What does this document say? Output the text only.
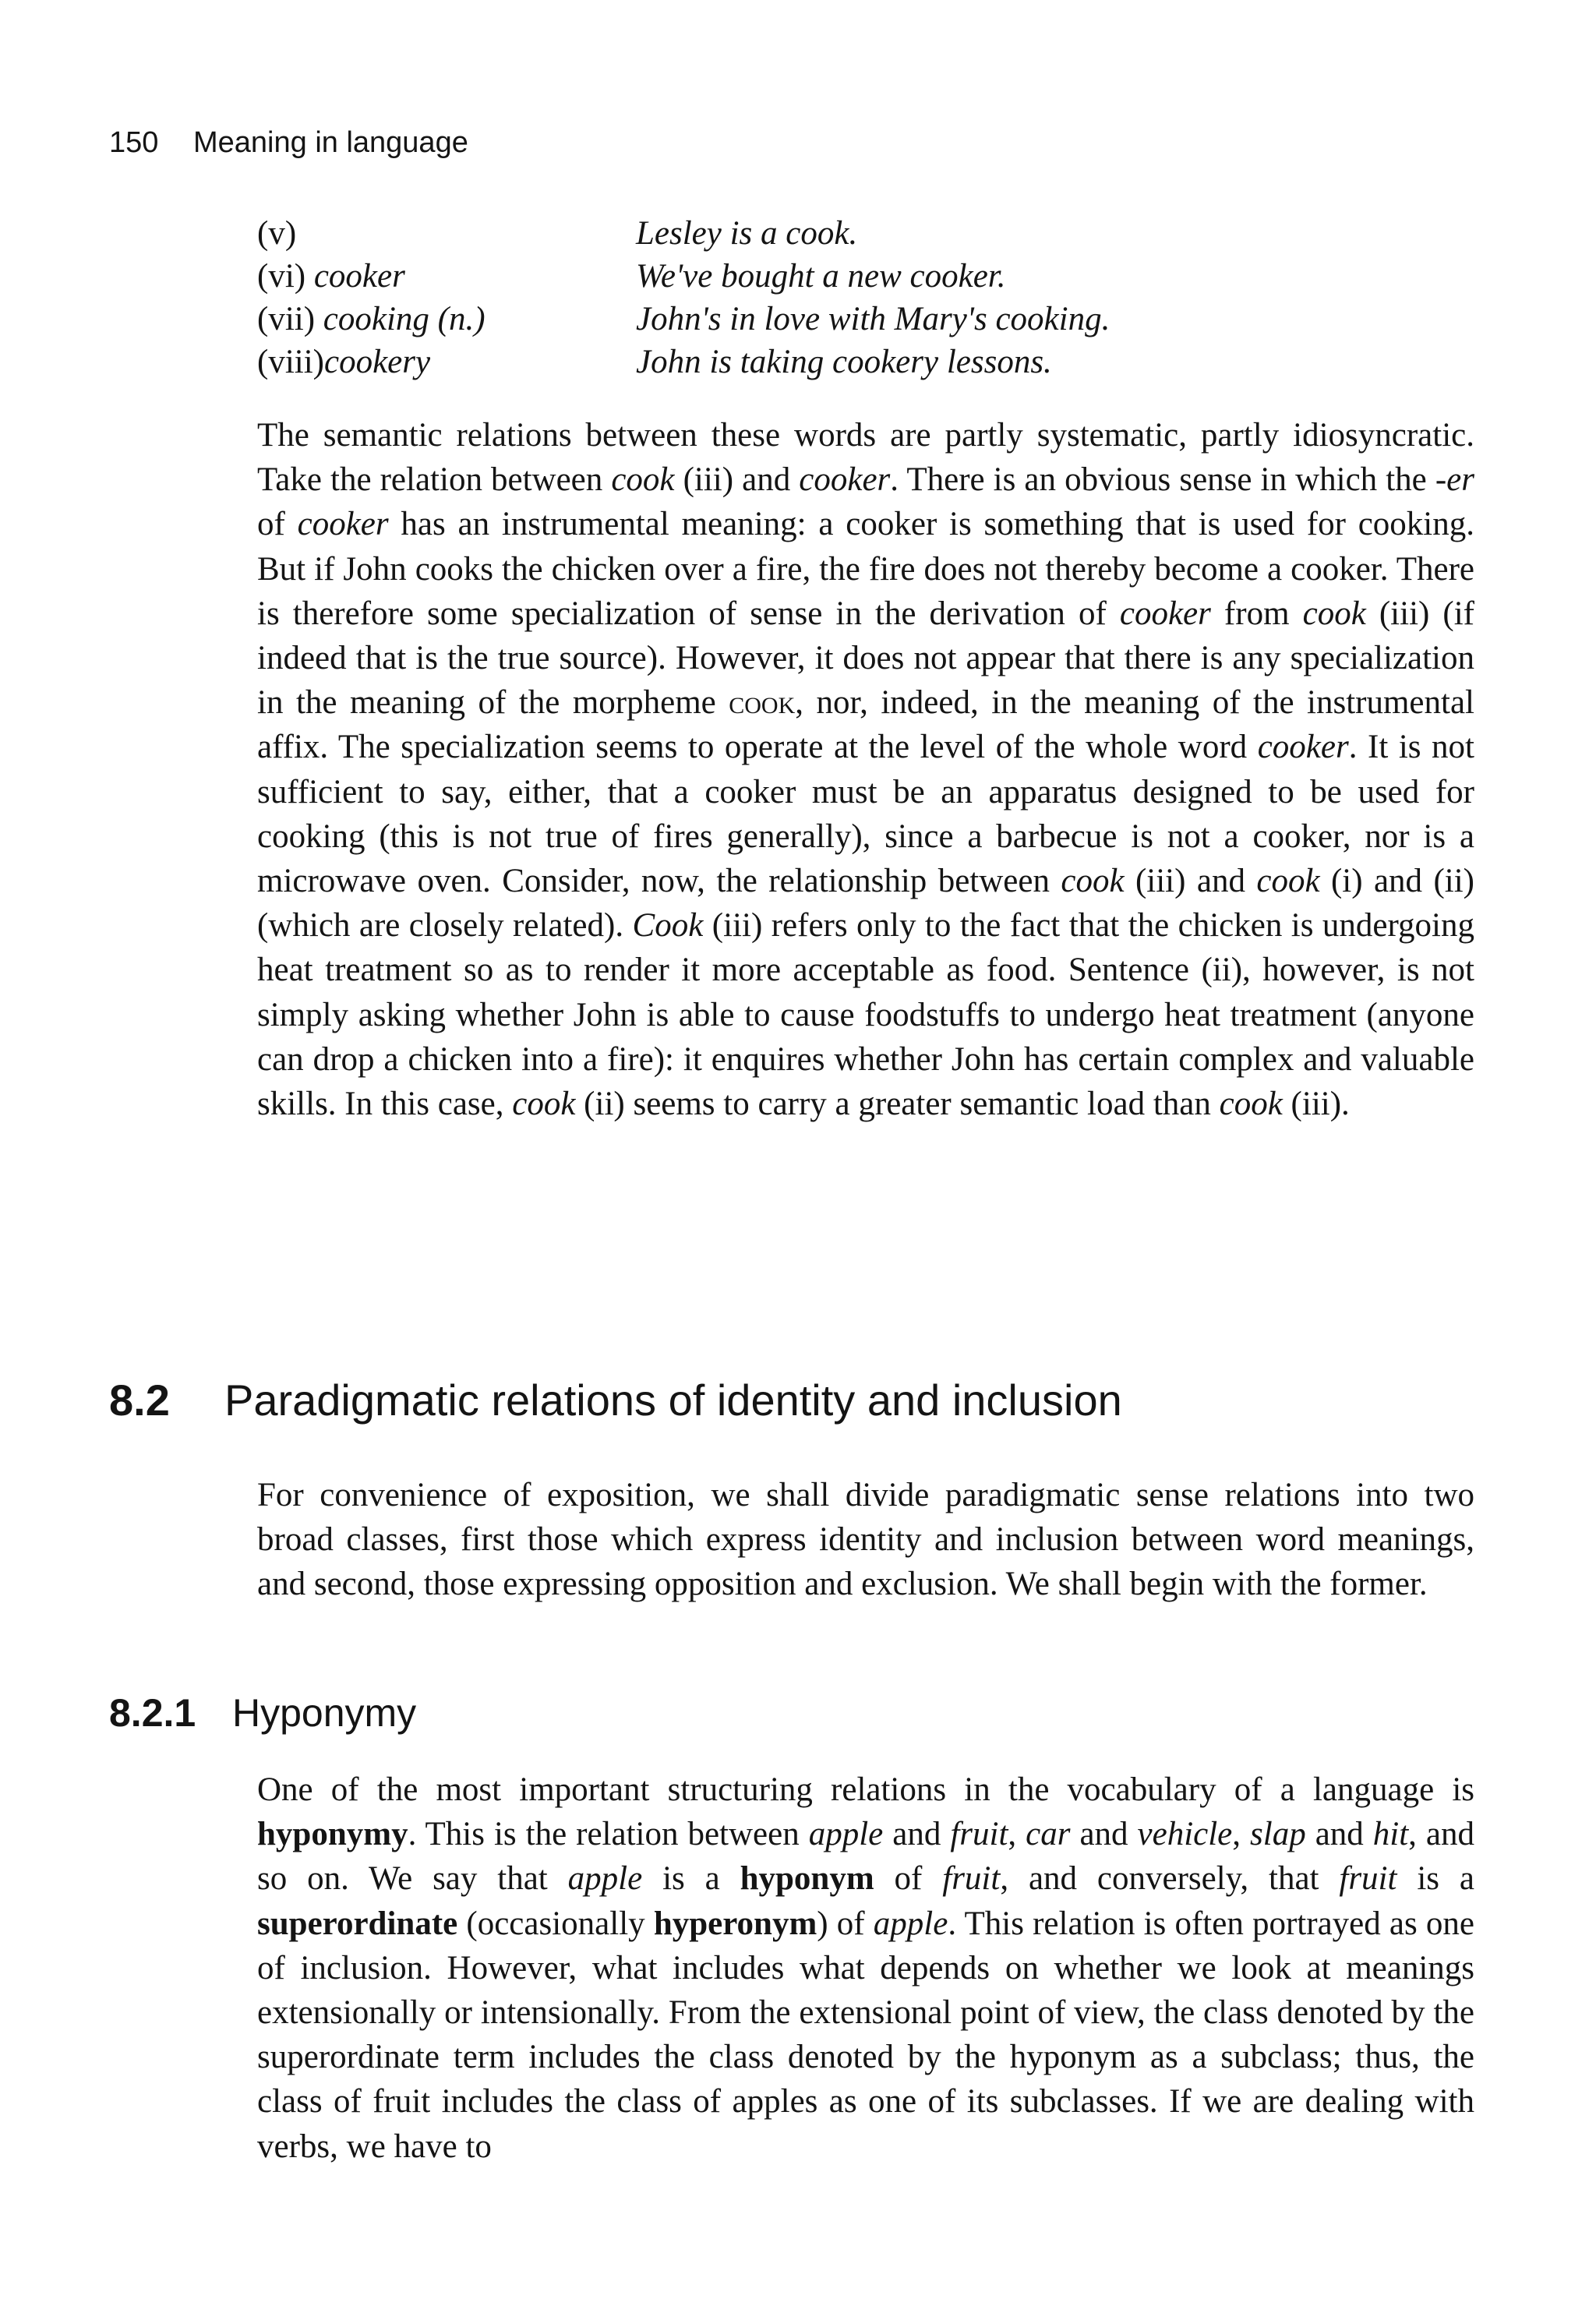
150 Meaning in language
(v)	Lesley is a cook.
(vi) cooker	We've bought a new cooker.
(vii) cooking (n.)	John's in love with Mary's cooking.
(viii)cookery	John is taking cookery lessons.

The semantic relations between these words are partly systematic, partly idiosyncratic. Take the relation between cook (iii) and cooker. There is an obvious sense in which the -er of cooker has an instrumental meaning: a cooker is something that is used for cooking. But if John cooks the chicken over a fire, the fire does not thereby become a cooker. There is therefore some specialization of sense in the derivation of cooker from cook (iii) (if indeed that is the true source). However, it does not appear that there is any specialization in the meaning of the morpheme cook, nor, indeed, in the meaning of the instrumental affix. The specialization seems to operate at the level of the whole word cooker. It is not sufficient to say, either, that a cooker must be an apparatus designed to be used for cooking (this is not true of fires generally), since a barbecue is not a cooker, nor is a microwave oven. Consider, now, the relationship between cook (iii) and cook (i) and (ii) (which are closely related). Cook (iii) refers only to the fact that the chicken is undergoing heat treatment so as to render it more acceptable as food. Sentence (ii), however, is not simply asking whether John is able to cause foodstuffs to undergo heat treatment (anyone can drop a chicken into a fire): it enquires whether John has certain complex and valuable skills. In this case, cook (ii) seems to carry a greater semantic load than cook (iii).

8.2 Paradigmatic relations of identity and inclusion

For convenience of exposition, we shall divide paradigmatic sense relations into two broad classes, first those which express identity and inclusion between word meanings, and second, those expressing opposition and exclusion. We shall begin with the former.

8.2.1 Hyponymy

One of the most important structuring relations in the vocabulary of a language is hyponymy. This is the relation between apple and fruit, car and vehicle, slap and hit, and so on. We say that apple is a hyponym of fruit, and conversely, that fruit is a superordinate (occasionally hyperonym) of apple. This relation is often portrayed as one of inclusion. However, what includes what depends on whether we look at meanings extensionally or intensionally. From the extensional point of view, the class denoted by the superordinate term includes the class denoted by the hyponym as a subclass; thus, the class of fruit includes the class of apples as one of its subclasses. If we are dealing with verbs, we have to
